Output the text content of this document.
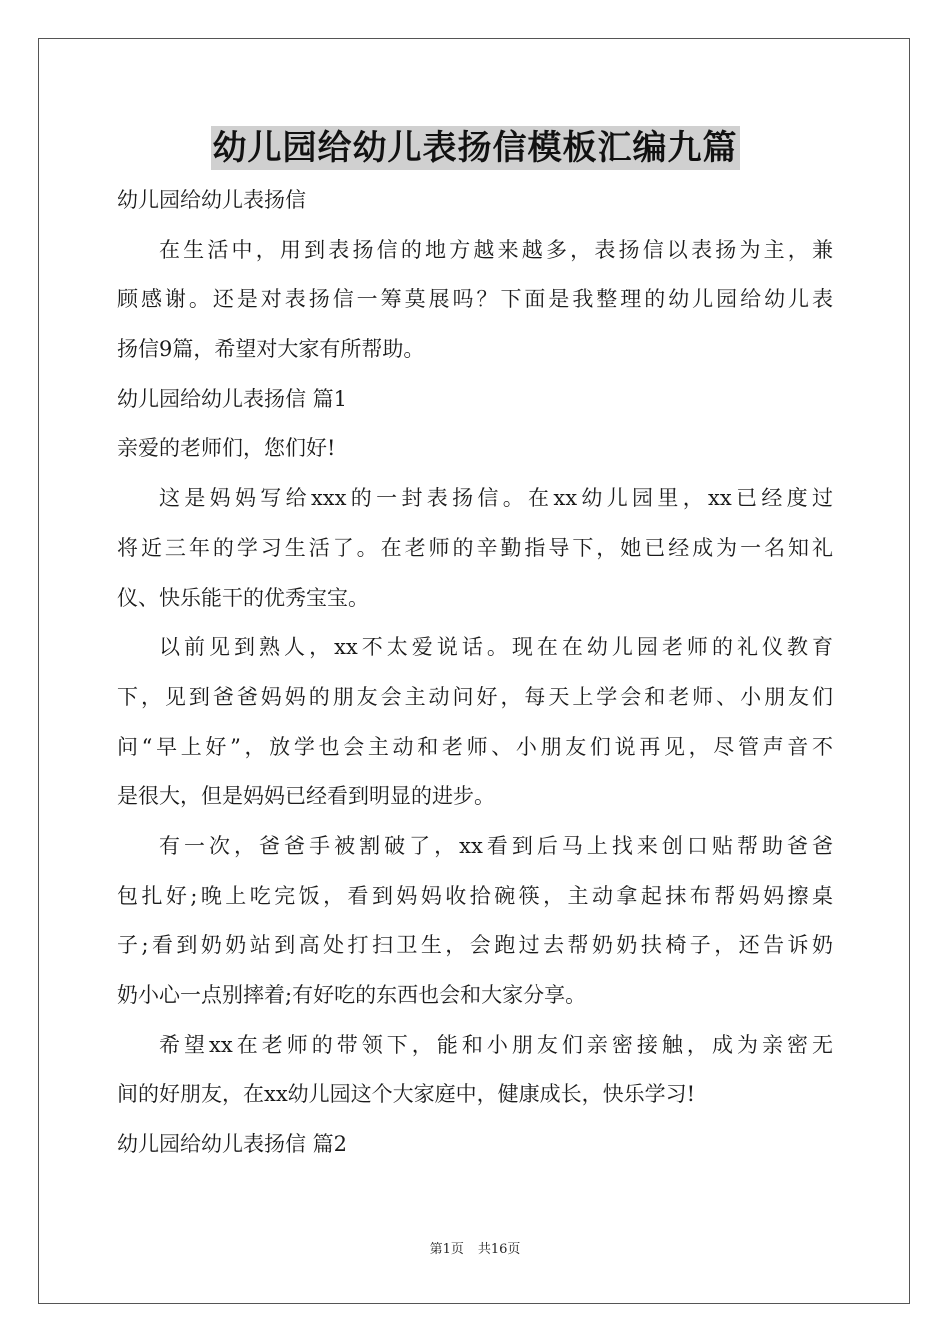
幼儿园给幼儿表扬信模板汇编九篇

幼儿园给幼儿表扬信

在生活中，用到表扬信的地方越来越多，表扬信以表扬为主，兼

顾感谢。还是对表扬信一筹莫展吗？下面是我整理的幼儿园给幼儿表

扬信9篇，希望对大家有所帮助。

幼儿园给幼儿表扬信 篇1

亲爱的老师们，您们好!

这是妈妈写给xxx的一封表扬信。在xx幼儿园里，xx已经度过

将近三年的学习生活了。在老师的辛勤指导下，她已经成为一名知礼

仪、快乐能干的优秀宝宝。

以前见到熟人，xx不太爱说话。现在在幼儿园老师的礼仪教育

下，见到爸爸妈妈的朋友会主动问好，每天上学会和老师、小朋友们

问“早上好”，放学也会主动和老师、小朋友们说再见，尽管声音不

是很大，但是妈妈已经看到明显的进步。

有一次，爸爸手被割破了，xx看到后马上找来创口贴帮助爸爸

包扎好;晚上吃完饭，看到妈妈收拾碗筷，主动拿起抹布帮妈妈擦桌

子;看到奶奶站到高处打扫卫生，会跑过去帮奶奶扶椅子，还告诉奶

奶小心一点别摔着;有好吃的东西也会和大家分享。

希望xx在老师的带领下，能和小朋友们亲密接触，成为亲密无

间的好朋友，在xx幼儿园这个大家庭中，健康成长，快乐学习!

幼儿园给幼儿表扬信 篇2

第1页 共16页
